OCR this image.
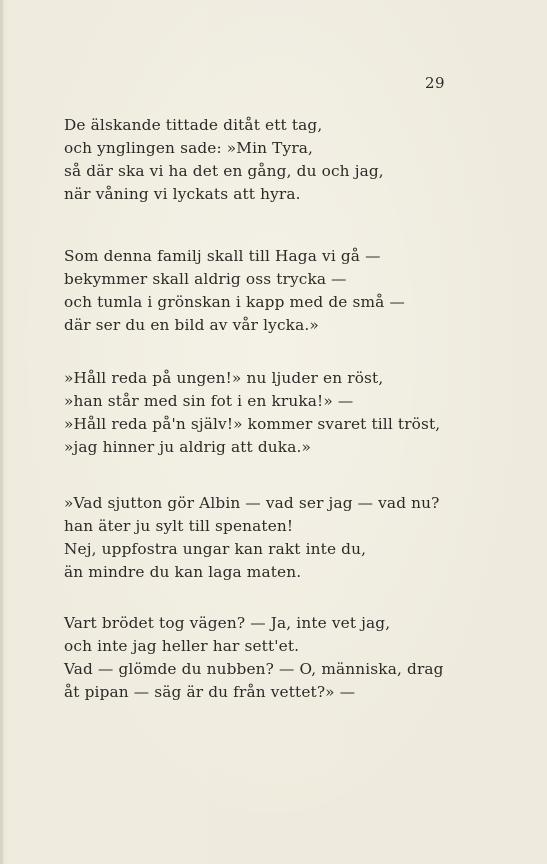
29
De älskande tittade ditåt ett tag,
och ynglingen sade: »Min Tyra,
så där ska vi ha det en gång, du och jag,
när våning vi lyckats att hyra.
Som denna familj skall till Haga vi gå —
bekymmer skall aldrig oss trycka —
och tumla i grönskan i kapp med de små —
där ser du en bild av vår lycka.»
»Håll reda på ungen!» nu ljuder en röst,
»han står med sin fot i en kruka!» —
»Håll reda på'n själv!» kommer svaret till tröst,
»jag hinner ju aldrig att duka.»
»Vad sjutton gör Albin — vad ser jag — vad nu?
han äter ju sylt till spenaten!
Nej, uppfostra ungar kan rakt inte du,
än mindre du kan laga maten.
Vart brödet tog vägen? — Ja, inte vet jag,
och inte jag heller har sett'et.
Vad — glömde du nubben? — O, människa, drag
åt pipan — säg är du från vettet?» —
